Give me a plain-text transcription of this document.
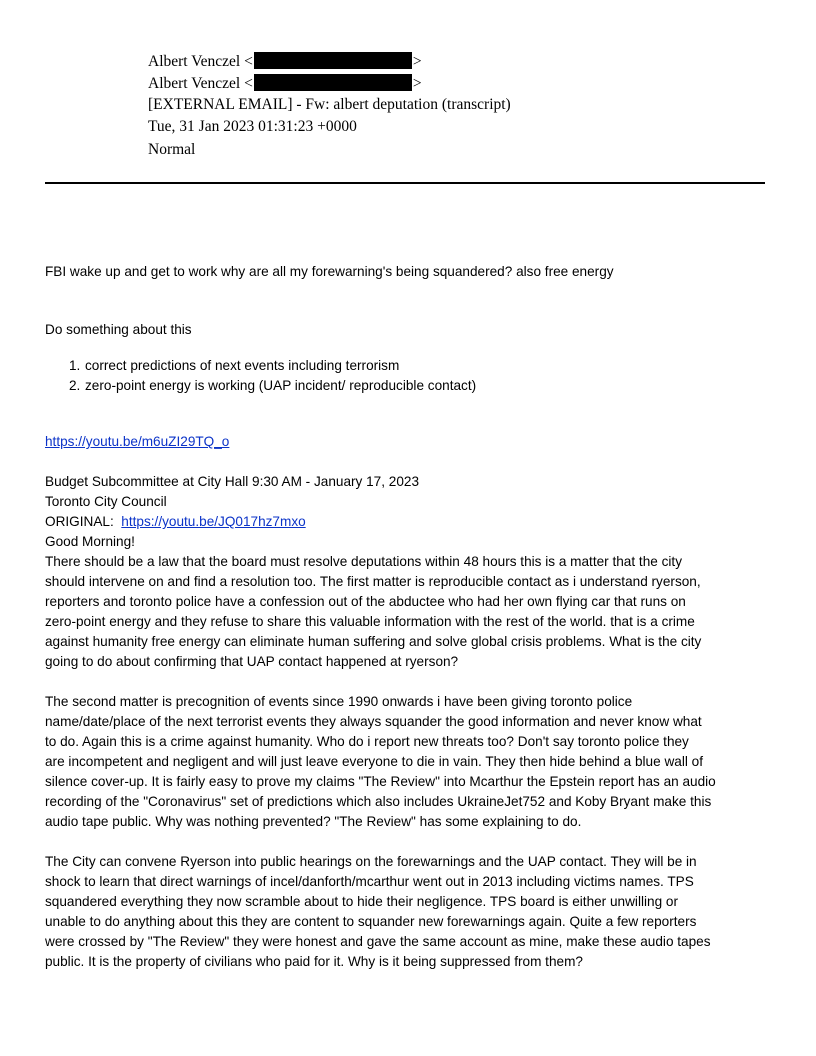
Albert Venczel <	>
Albert Venczel <	>
[EXTERNAL EMAIL] - Fw: albert deputation (transcript)
Tue, 31 Jan 2023 01:31:23 +0000
Normal
FBI wake up and get to work why are all my forewarning's being squandered? also free energy
Do something about this
1. correct predictions of next events including terrorism
2. zero-point energy is working (UAP incident/ reproducible contact)
https://youtu.be/m6uZI29TQ_o
Budget Subcommittee at City Hall 9:30 AM - January 17, 2023
Toronto City Council
ORIGINAL:  https://youtu.be/JQ017hz7mxo
Good Morning!
There should be a law that the board must resolve deputations within 48 hours this is a matter that the city
should intervene on and find a resolution too. The first matter is reproducible contact as i understand ryerson,
reporters and toronto police have a confession out of the abductee who had her own flying car that runs on
zero-point energy and they refuse to share this valuable information with the rest of the world. that is a crime
against humanity free energy can eliminate human suffering and solve global crisis problems. What is the city
going to do about confirming that UAP contact happened at ryerson?
The second matter is precognition of events since 1990 onwards i have been giving toronto police
name/date/place of the next terrorist events they always squander the good information and never know what
to do. Again this is a crime against humanity. Who do i report new threats too? Don't say toronto police they
are incompetent and negligent and will just leave everyone to die in vain. They then hide behind a blue wall of
silence cover-up. It is fairly easy to prove my claims "The Review" into Mcarthur the Epstein report has an audio
recording of the "Coronavirus" set of predictions which also includes UkraineJet752 and Koby Bryant make this
audio tape public. Why was nothing prevented? "The Review" has some explaining to do.
The City can convene Ryerson into public hearings on the forewarnings and the UAP contact. They will be in
shock to learn that direct warnings of incel/danforth/mcarthur went out in 2013 including victims names. TPS
squandered everything they now scramble about to hide their negligence. TPS board is either unwilling or
unable to do anything about this they are content to squander new forewarnings again. Quite a few reporters
were crossed by "The Review" they were honest and gave the same account as mine, make these audio tapes
public. It is the property of civilians who paid for it. Why is it being suppressed from them?
